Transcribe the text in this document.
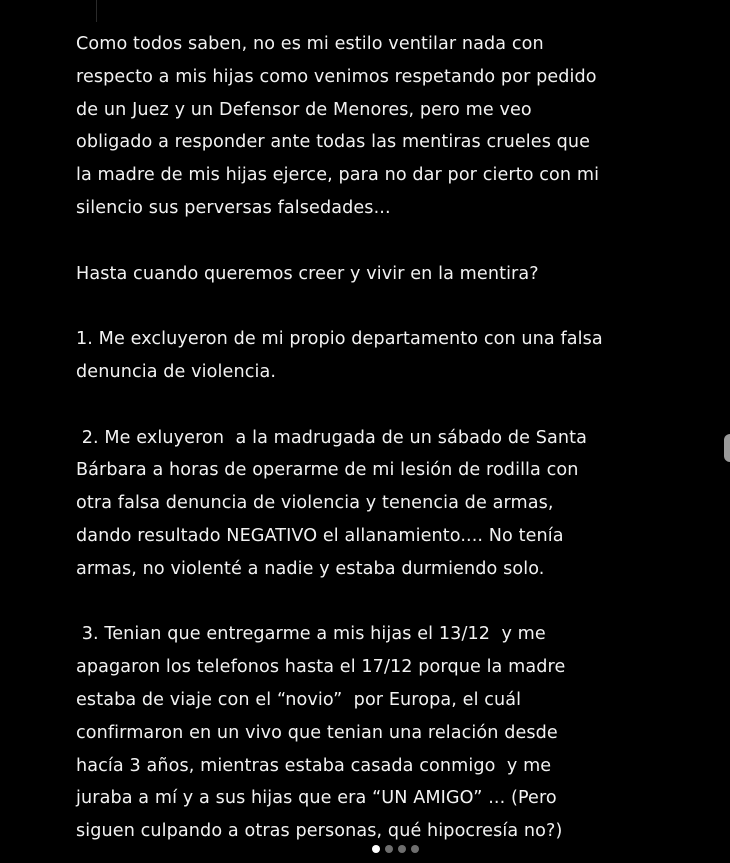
Como todos saben, no es mi estilo ventilar nada con
respecto a mis hijas como venimos respetando por pedido
de un Juez y un Defensor de Menores, pero me veo
obligado a responder ante todas las mentiras crueles que
la madre de mis hijas ejerce, para no dar por cierto con mi
silencio sus perversas falsedades...

Hasta cuando queremos creer y vivir en la mentira?

1. Me excluyeron de mi propio departamento con una falsa
denuncia de violencia.

2. Me exluyeron  a la madrugada de un sábado de Santa
Bárbara a horas de operarme de mi lesión de rodilla con
otra falsa denuncia de violencia y tenencia de armas,
dando resultado NEGATIVO el allanamiento.... No tenía
armas, no violenté a nadie y estaba durmiendo solo.

3. Tenian que entregarme a mis hijas el 13/12  y me
apagaron los telefonos hasta el 17/12 porque la madre
estaba de viaje con el “novio”  por Europa, el cuál
confirmaron en un vivo que tenian una relación desde
hacía 3 años, mientras estaba casada conmigo  y me
juraba a mí y a sus hijas que era “UN AMIGO” ... (Pero
siguen culpando a otras personas, qué hipocresía no?)
